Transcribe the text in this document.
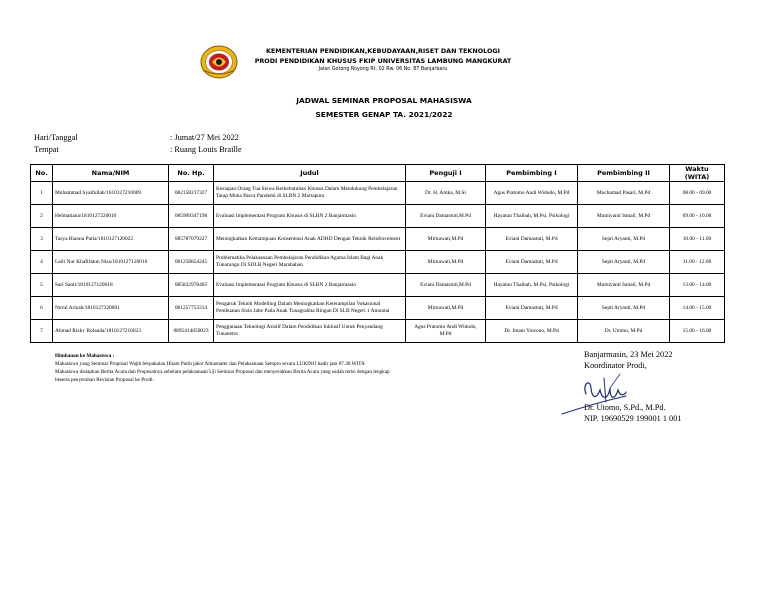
KEMENTERIAN PENDIDIKAN,KEBUDAYAAN,RISET DAN TEKNOLOGI
PRODI PENDIDIKAN KHUSUS FKIP UNIVERSITAS LAMBUNG MANGKURAT
Jalan Gotong Royong Rt. 02 Rw. 06 No. 87 Banjarbaru
JADWAL SEMINAR PROPOSAL MAHASISWA
SEMESTER GENAP TA. 2021/2022
Hari/Tanggal	: Jumat/27 Mei 2022
Tempat	: Ruang Louis Braille
No.	Nama/NIM	No. Hp.	Judul	Penguji I	Pembimbing I	Pembimbing II	Waktu (WITA)
1	Muhammad Syaifullah/1610127210009	082158217327	Kesiapan Orang Tua Siswa Berkebutuhan Khusus Dalam Mendukung Pembelajaran Tatap Muka Pasca Pandemi di SLBN 2 Martapura	Dr. H. Amka, M.Si	Agus Pratomo Andi Widodo, M.Pd	Mochamad Pasari, M.Pd	08.00 - 09.00
2	Helmatiana/1810127220010	085909347198	Evaluasi Implementasi Program Khusus di SLBN 2 Banjarmasin	Eviani Damastuti,M.Pd	Hayatun Thaibah, M.Psi, Psikologi	Mumiyanti Ismail, M.Pd	09.00 - 10.00
3	Tasya Rianna Putia/1810127120022	085787079227	Meningkatkan Kemampuan Konsentrasi Anak ADHD Dengan Teknik Reinforcement	Mirnawati,M.Pd	Eviani Damastuti, M.Pd	Septi Aryanti, M.Pd	10.00 - 11.00
4	Laili Nur Khafifatun Nisa/1810127120010	081258854245	Problematika Pelaksanaan Pembelajaran Pendidikan Agama Islam Bagi Anak Tunarungu Di SDLB Negeri Marabahan	Mirnawati,M.Pd	Eviani Damastuti, M.Pd	Septi Aryanti, M.Pd	11.00 - 12.00
5	Sari Santi/1810127120018	085822978405	Evaluasi Implementasi Program Khusus di SLBN 2 Banjarmasin	Eviani Damastuti,M.Pd	Hayatun Thaibah, M.Psi, Psikologi	Mumiyanti Ismail, M.Pd	13.00 - 14.00
6	Nurul Arizah/1810127320001	081257753214	Pengaruh Teknik Modelling Dalam Meningkatkan Keterampilan Vokasional Pembuatan Sisin Jahe Pada Anak Tunagrahita Ringan Di SLB Negeri 1 Amuntai	Mirnawati,M.Pd	Eviani Damastuti, M.Pd	Septi Aryanti, M.Pd	14.00 - 15.00
7	Ahmad Rizky Rolanda/1810127210023	0895414050023	Penggunaan Teknologi Asistif Dalam Pendidikan Inklusif Untuk Penyandang Tunanetra	Agus Pratomo Andi Widodo, M.Pd	Dr. Imam Yuwono, M.Pd	Dr. Utomo, M.Pd	15.00 - 16.00
Himbauan ke Mahasiswa :
Mahasiswa yang Seminar Proposal Wajib berpakaian Hitam Putih jakot Almamater dan Pelaksanaan Sempro secara LUKINO hadir jam 07.30 WITA
Mahasiswa disiapkan Berita Acara dan Proposalnya sebelum pelaksanaan Uji Seminar Proposal dan menyerahkan Berita Acara yang sudah terisi dengan lengkap
beserta penyerahan Revisian Proposal ke Prodi.
Banjarmasin, 23 Mei 2022
Koordinator Prodi,
Dr. Utomo, S.Pd., M.Pd.
NIP. 19690529 199001 1 001
